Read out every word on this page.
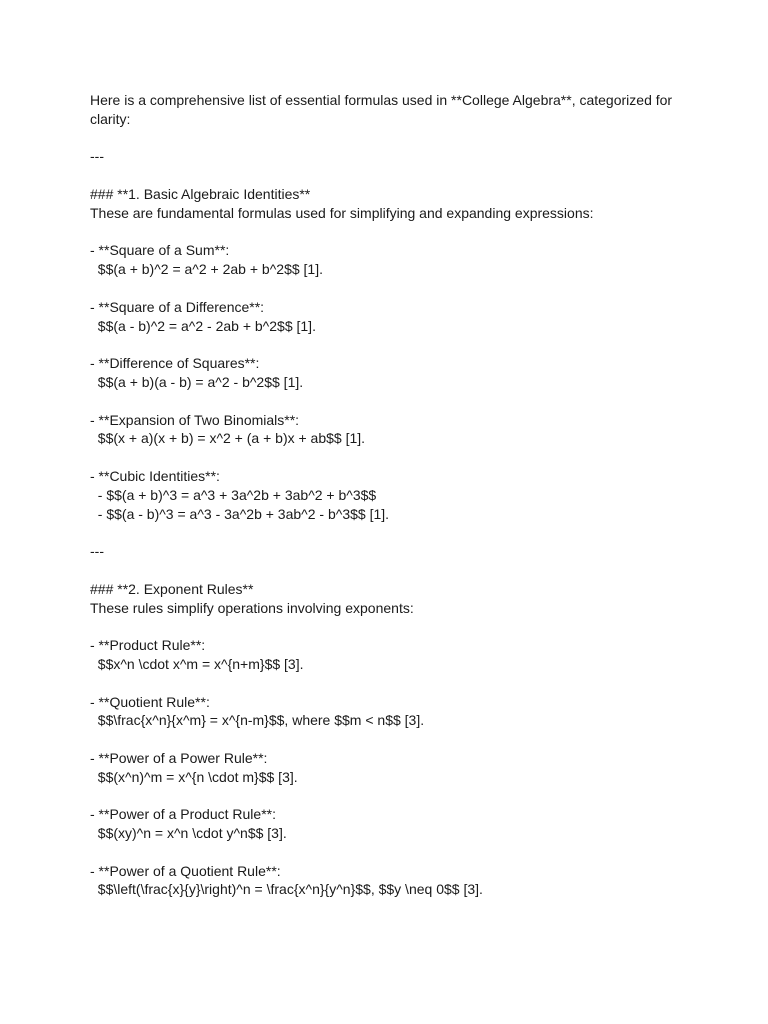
Here is a comprehensive list of essential formulas used in **College Algebra**, categorized for
clarity:
---
### **1. Basic Algebraic Identities**
These are fundamental formulas used for simplifying and expanding expressions:
- **Square of a Sum**:
$$(a + b)^2 = a^2 + 2ab + b^2$$ [1].
- **Square of a Difference**:
$$(a - b)^2 = a^2 - 2ab + b^2$$ [1].
- **Difference of Squares**:
$$(a + b)(a - b) = a^2 - b^2$$ [1].
- **Expansion of Two Binomials**:
$$(x + a)(x + b) = x^2 + (a + b)x + ab$$ [1].
- **Cubic Identities**:
- $$(a + b)^3 = a^3 + 3a^2b + 3ab^2 + b^3$$
- $$(a - b)^3 = a^3 - 3a^2b + 3ab^2 - b^3$$ [1].
---
### **2. Exponent Rules**
These rules simplify operations involving exponents:
- **Product Rule**:
$$x^n \cdot x^m = x^{n+m}$$ [3].
- **Quotient Rule**:
$$\frac{x^n}{x^m} = x^{n-m}$$, where $$m < n$$ [3].
- **Power of a Power Rule**:
$$(x^n)^m = x^{n \cdot m}$$ [3].
- **Power of a Product Rule**:
$$(xy)^n = x^n \cdot y^n$$ [3].
- **Power of a Quotient Rule**:
$$\left(\frac{x}{y}\right)^n = \frac{x^n}{y^n}$$, $$y \neq 0$$ [3].
